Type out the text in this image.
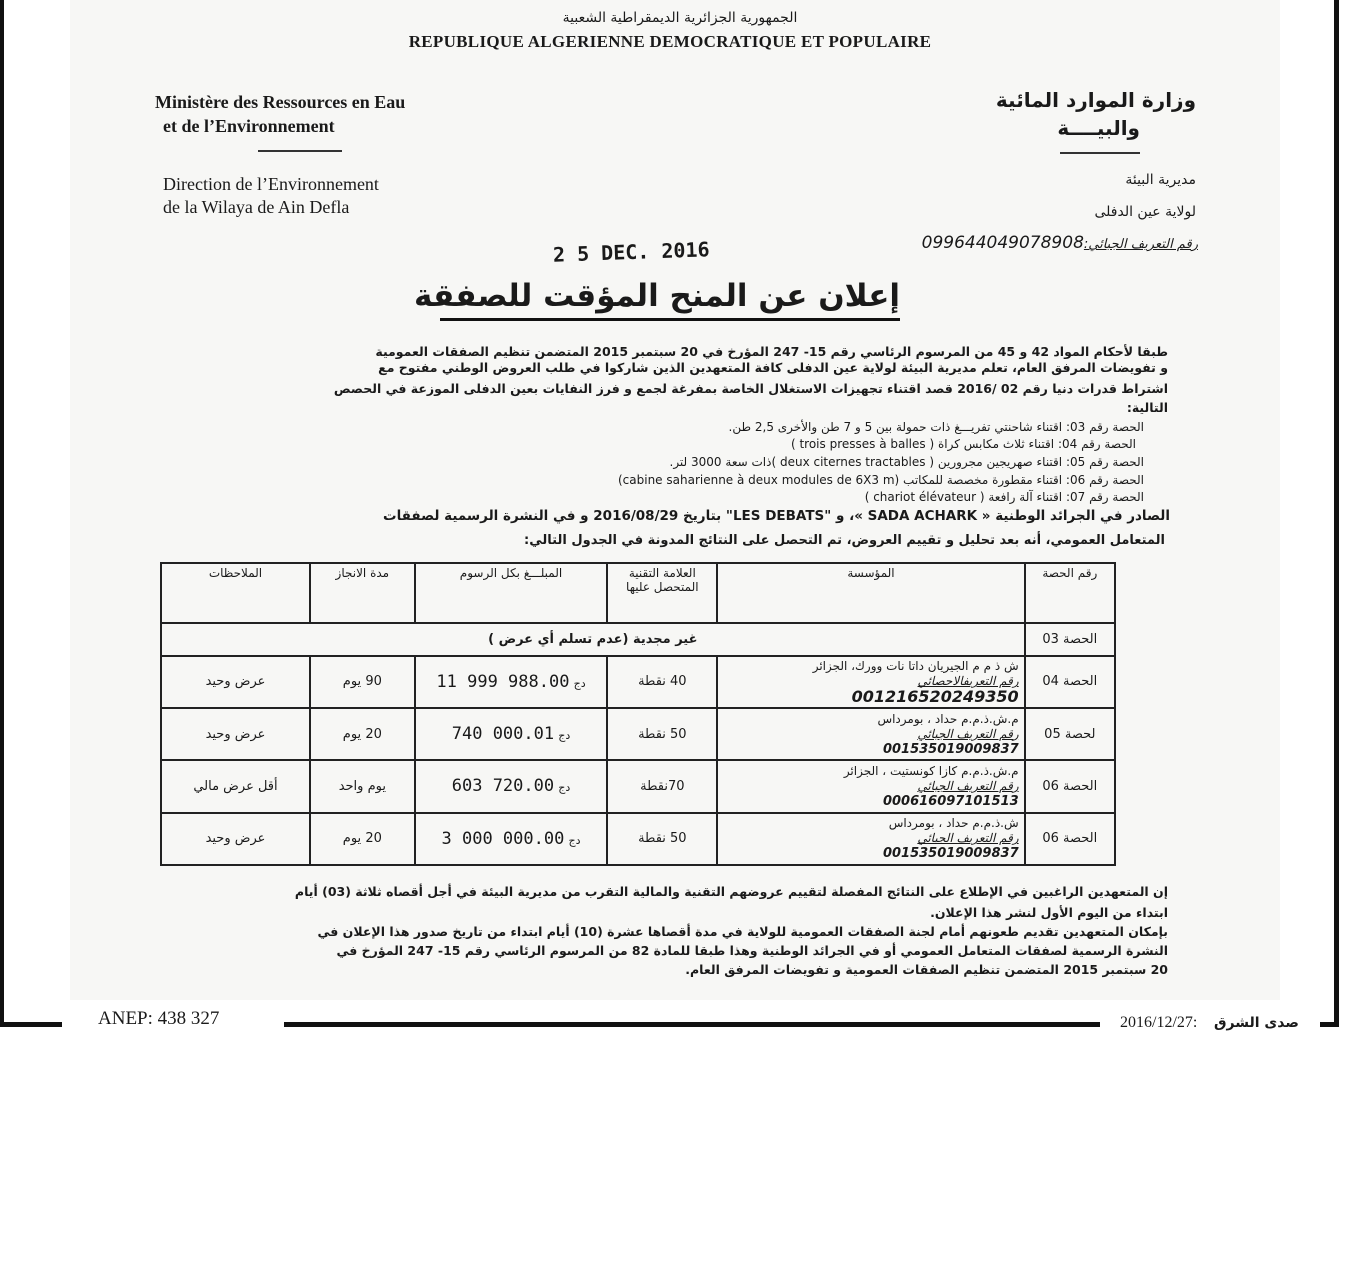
الجمهورية الجزائرية الديمقراطية الشعبية
REPUBLIQUE ALGERIENNE DEMOCRATIQUE ET POPULAIRE
Ministère des Ressources en Eau
et de l’Environnement
وزارة الموارد المائية
والبيــــة
Direction de l’Environnement
de la Wilaya de Ain Defla
مديرية البيئة
لولاية عين الدفلى
رقم التعريف الجبائي:099644049078908
2 5 DEC. 2016
إعلان عن المنح المؤقت للصفقة
طبقا لأحكام المواد 42 و 45 من المرسوم الرئاسي رقم 15- 247 المؤرخ في 20 سبتمبر 2015 المتضمن تنظيم الصفقات العمومية
و تفويضات المرفق العام، تعلم مديرية البيئة لولاية عين الدفلى كافة المتعهدين الذين شاركوا في طلب العروض الوطني مفتوح مع
اشتراط قدرات دنيا رقم 02 /2016 قصد اقتناء تجهيزات الاستغلال الخاصة بمفرغة لجمع و فرز النفايات بعين الدفلى الموزعة في الحصص
التالية:
الحصة رقم 03: اقتناء شاحنتي تفريـــغ ذات حمولة بين 5 و 7 طن والأخرى 2,5 طن.
الحصة رقم 04: اقتناء ثلاث مكابس كراة ( trois presses à balles )
الحصة رقم 05: اقتناء صهريجين مجرورين ( deux citernes tractables )ذات سعة 3000 لتر.
الحصة رقم 06: اقتناء مقطورة مخصصة للمكاتب (cabine saharienne à deux modules de 6X3 m)
الحصة رقم 07: اقتناء آلة رافعة ( chariot élévateur )
الصادر في الجرائد الوطنية « SADA ACHARK »، و "LES DEBATS" بتاريخ 2016/08/29 و في النشرة الرسمية لصفقات
المتعامل العمومي، أنه بعد تحليل و تقييم العروض، تم التحصل على النتائج المدونة في الجدول التالي:
رقم الحصة	المؤسسة	العلامة التقنية المتحصل عليها	المبلـــغ بكل الرسوم	مدة الانجاز	الملاحظات
الحصة 03	غير مجدية (عدم تسلم أي عرض )				
الحصة 04	ش ذ م م الجيريان داتا نات وورك، الجزائر
رقم التعريفالاحصائي
001216520249350	40 نقطة	دج 11 999 988.00	90 يوم	عرض وحيد
لحصة 05	م.ش.ذ.م.م حداد ، بومرداس
رقم التعريف الجبائي
001535019009837	50 نقطة	دج 740 000.01	20 يوم	عرض وحيد
الحصة 06	م.ش.ذ.م.م كازا كونستيت ، الجزائر
رقم التعريف الجبائي
000616097101513	70نقطة	دج 603 720.00	يوم واحد	أقل عرض مالي
الحصة 06	ش.ذ.م.م حداد ، بومرداس
رقم التعريف الجبائي
001535019009837	50 نقطة	دج 3 000 000.00	20 يوم	عرض وحيد
إن المتعهدين الراغبين في الإطلاع على النتائج المفصلة لتقييم عروضهم التقنية والمالية التقرب من مديرية البيئة في أجل أقصاه ثلاثة (03) أيام
ابتداء من اليوم الأول لنشر هذا الإعلان.
بإمكان المتعهدين تقديم طعونهم أمام لجنة الصفقات العمومية للولاية في مدة أقصاها عشرة (10) أيام ابتداء من تاريخ صدور هذا الإعلان في
النشرة الرسمية لصفقات المتعامل العمومي أو في الجرائد الوطنية وهذا طبقا للمادة 82 من المرسوم الرئاسي رقم 15- 247 المؤرخ في
20 سبتمبر 2015 المتضمن تنظيم الصفقات العمومية و تفويضات المرفق العام.
ANEP: 438 327	2016/12/27: صدى الشرق
